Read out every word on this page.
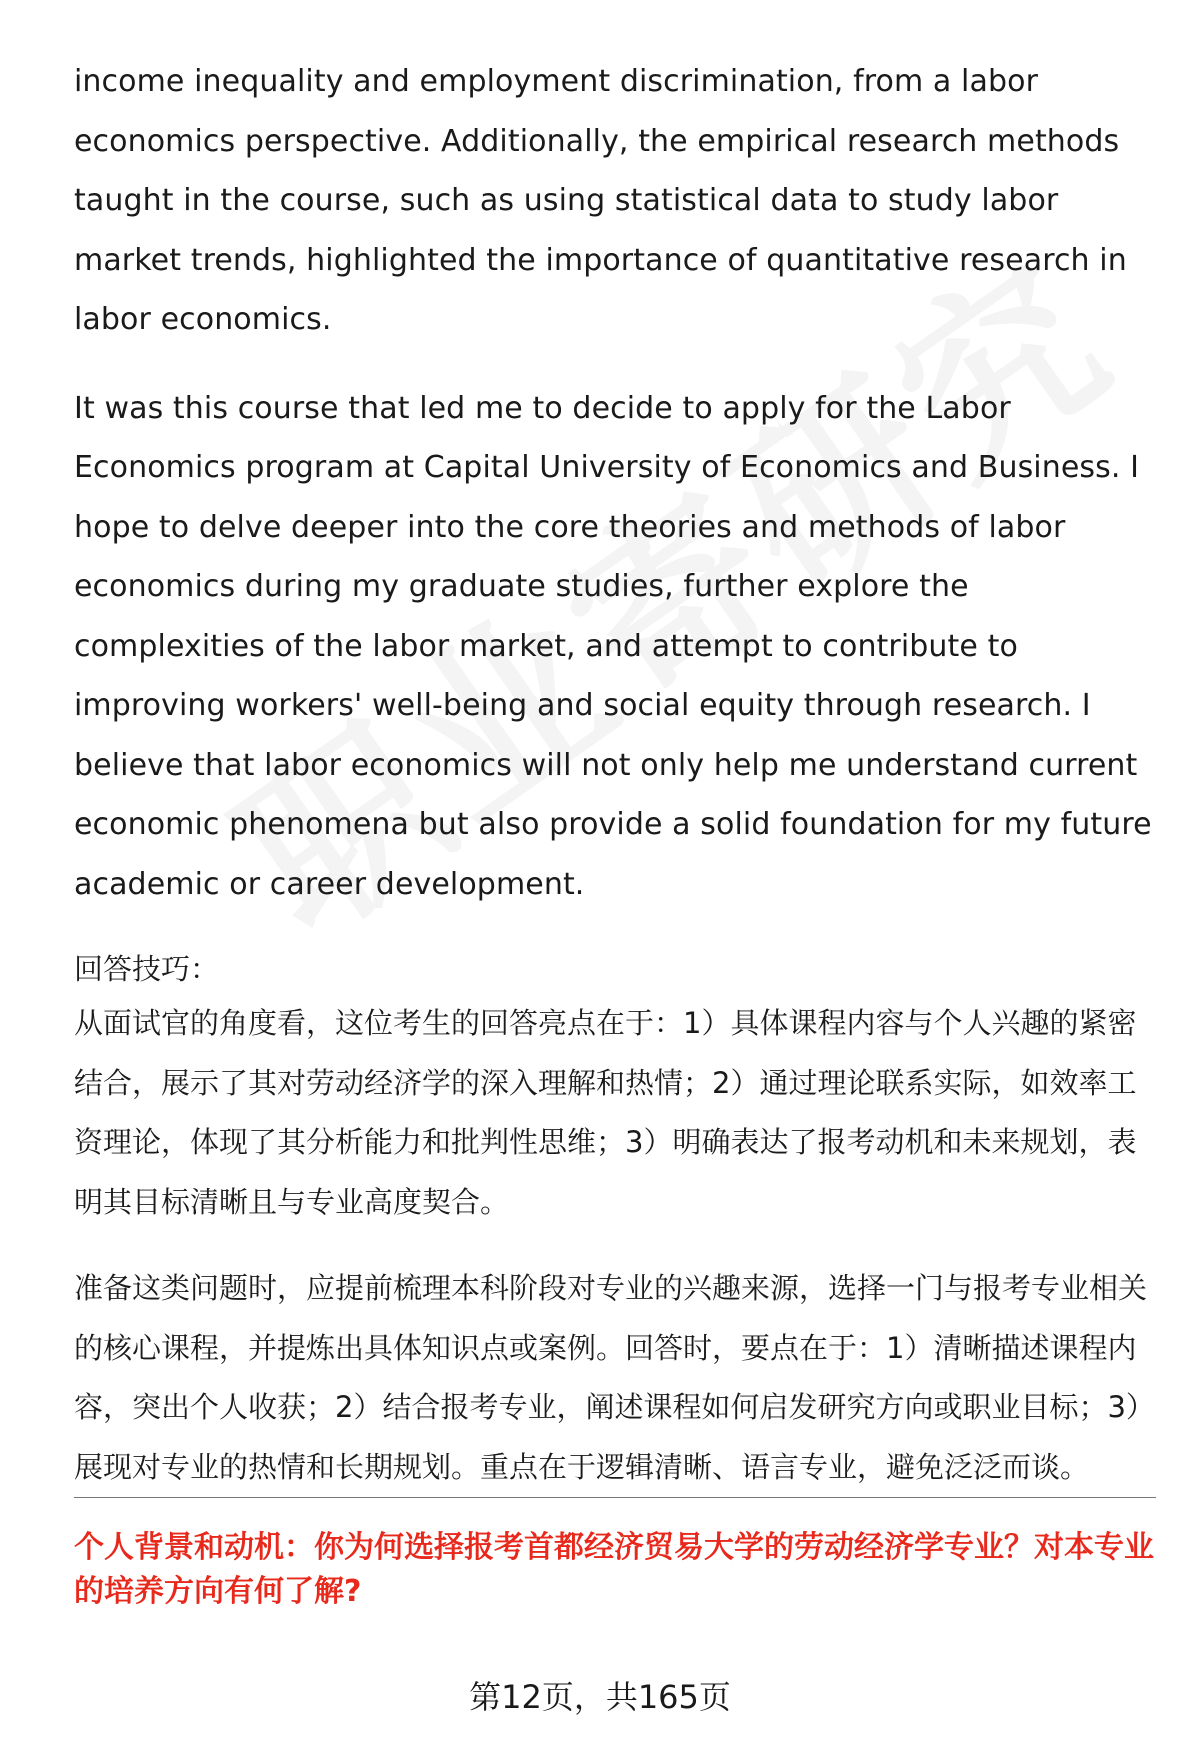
income inequality and employment discrimination, from a labor economics perspective. Additionally, the empirical research methods taught in the course, such as using statistical data to study labor market trends, highlighted the importance of quantitative research in labor economics.

It was this course that led me to decide to apply for the Labor Economics program at Capital University of Economics and Business. I hope to delve deeper into the core theories and methods of labor economics during my graduate studies, further explore the complexities of the labor market, and attempt to contribute to improving workers' well-being and social equity through research. I believe that labor economics will not only help me understand current economic phenomena but also provide a solid foundation for my future academic or career development.

回答技巧：

从面试官的角度看，这位考生的回答亮点在于：1）具体课程内容与个人兴趣的紧密结合，展示了其对劳动经济学的深入理解和热情；2）通过理论联系实际，如效率工资理论，体现了其分析能力和批判性思维；3）明确表达了报考动机和未来规划，表明其目标清晰且与专业高度契合。

准备这类问题时，应提前梳理本科阶段对专业的兴趣来源，选择一门与报考专业相关的核心课程，并提炼出具体知识点或案例。回答时，要点在于：1）清晰描述课程内容，突出个人收获；2）结合报考专业，阐述课程如何启发研究方向或职业目标；3）展现对专业的热情和长期规划。重点在于逻辑清晰、语言专业，避免泛泛而谈。

个人背景和动机：你为何选择报考首都经济贸易大学的劳动经济学专业？对本专业的培养方向有何了解?

第12页，共165页
